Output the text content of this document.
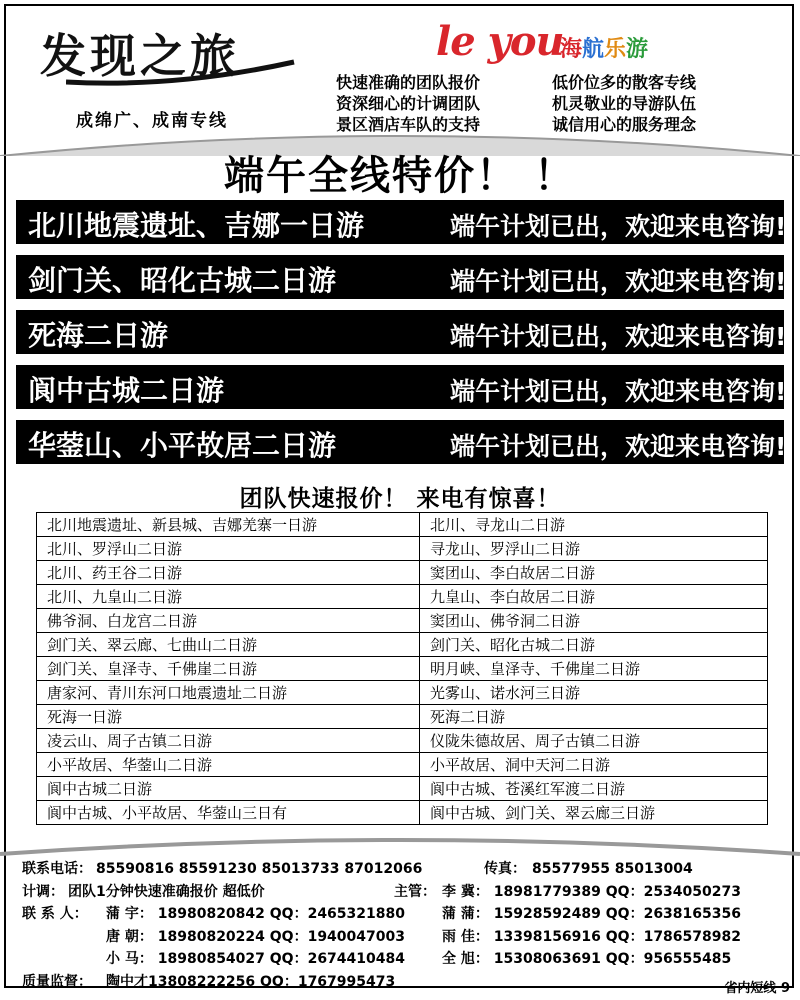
发现之旅
成绵广、成南专线
le you
海航乐游
快速准确的团队报价	低价位多的散客专线
资深细心的计调团队	机灵敬业的导游队伍
景区酒店车队的支持	诚信用心的服务理念
端午全线特价！ ！
北川地震遗址、吉娜一日游	端午计划已出，欢迎来电咨询!
剑门关、昭化古城二日游	端午计划已出，欢迎来电咨询!
死海二日游	端午计划已出，欢迎来电咨询!
阆中古城二日游	端午计划已出，欢迎来电咨询!
华蓥山、小平故居二日游	端午计划已出，欢迎来电咨询!
团队快速报价！ 来电有惊喜！
北川地震遗址、新县城、吉娜羌寨一日游	北川、寻龙山二日游
北川、罗浮山二日游	寻龙山、罗浮山二日游
北川、药王谷二日游	窦团山、李白故居二日游
北川、九皇山二日游	九皇山、李白故居二日游
佛爷洞、白龙宫二日游	窦团山、佛爷洞二日游
剑门关、翠云廊、七曲山二日游	剑门关、昭化古城二日游
剑门关、皇泽寺、千佛崖二日游	明月峡、皇泽寺、千佛崖二日游
唐家河、青川东河口地震遗址二日游	光雾山、诺水河三日游
死海一日游	死海二日游
凌云山、周子古镇二日游	仪陇朱德故居、周子古镇二日游
小平故居、华蓥山二日游	小平故居、洞中天河二日游
阆中古城二日游	阆中古城、苍溪红军渡二日游
阆中古城、小平故居、华蓥山三日有	阆中古城、剑门关、翠云廊三日游
联系电话： 85590816 85591230 85013733 87012066	传真： 85577955 85013004
计调： 团队1分钟快速准确报价 超低价	主管： 李 冀： 18981779389 QQ：2534050273
联 系 人： 蒲 宇： 18980820842 QQ：2465321880	蒲 蒲： 15928592489 QQ：2638165356
唐 朝： 18980820224 QQ：1940047003	雨 佳： 13398156916 QQ：1786578982
小 马： 18980854027 QQ：2674410484	全 旭： 15308063691 QQ：956555485
质量监督： 陶中才13808222256 QQ：1767995473	省内短线 9
